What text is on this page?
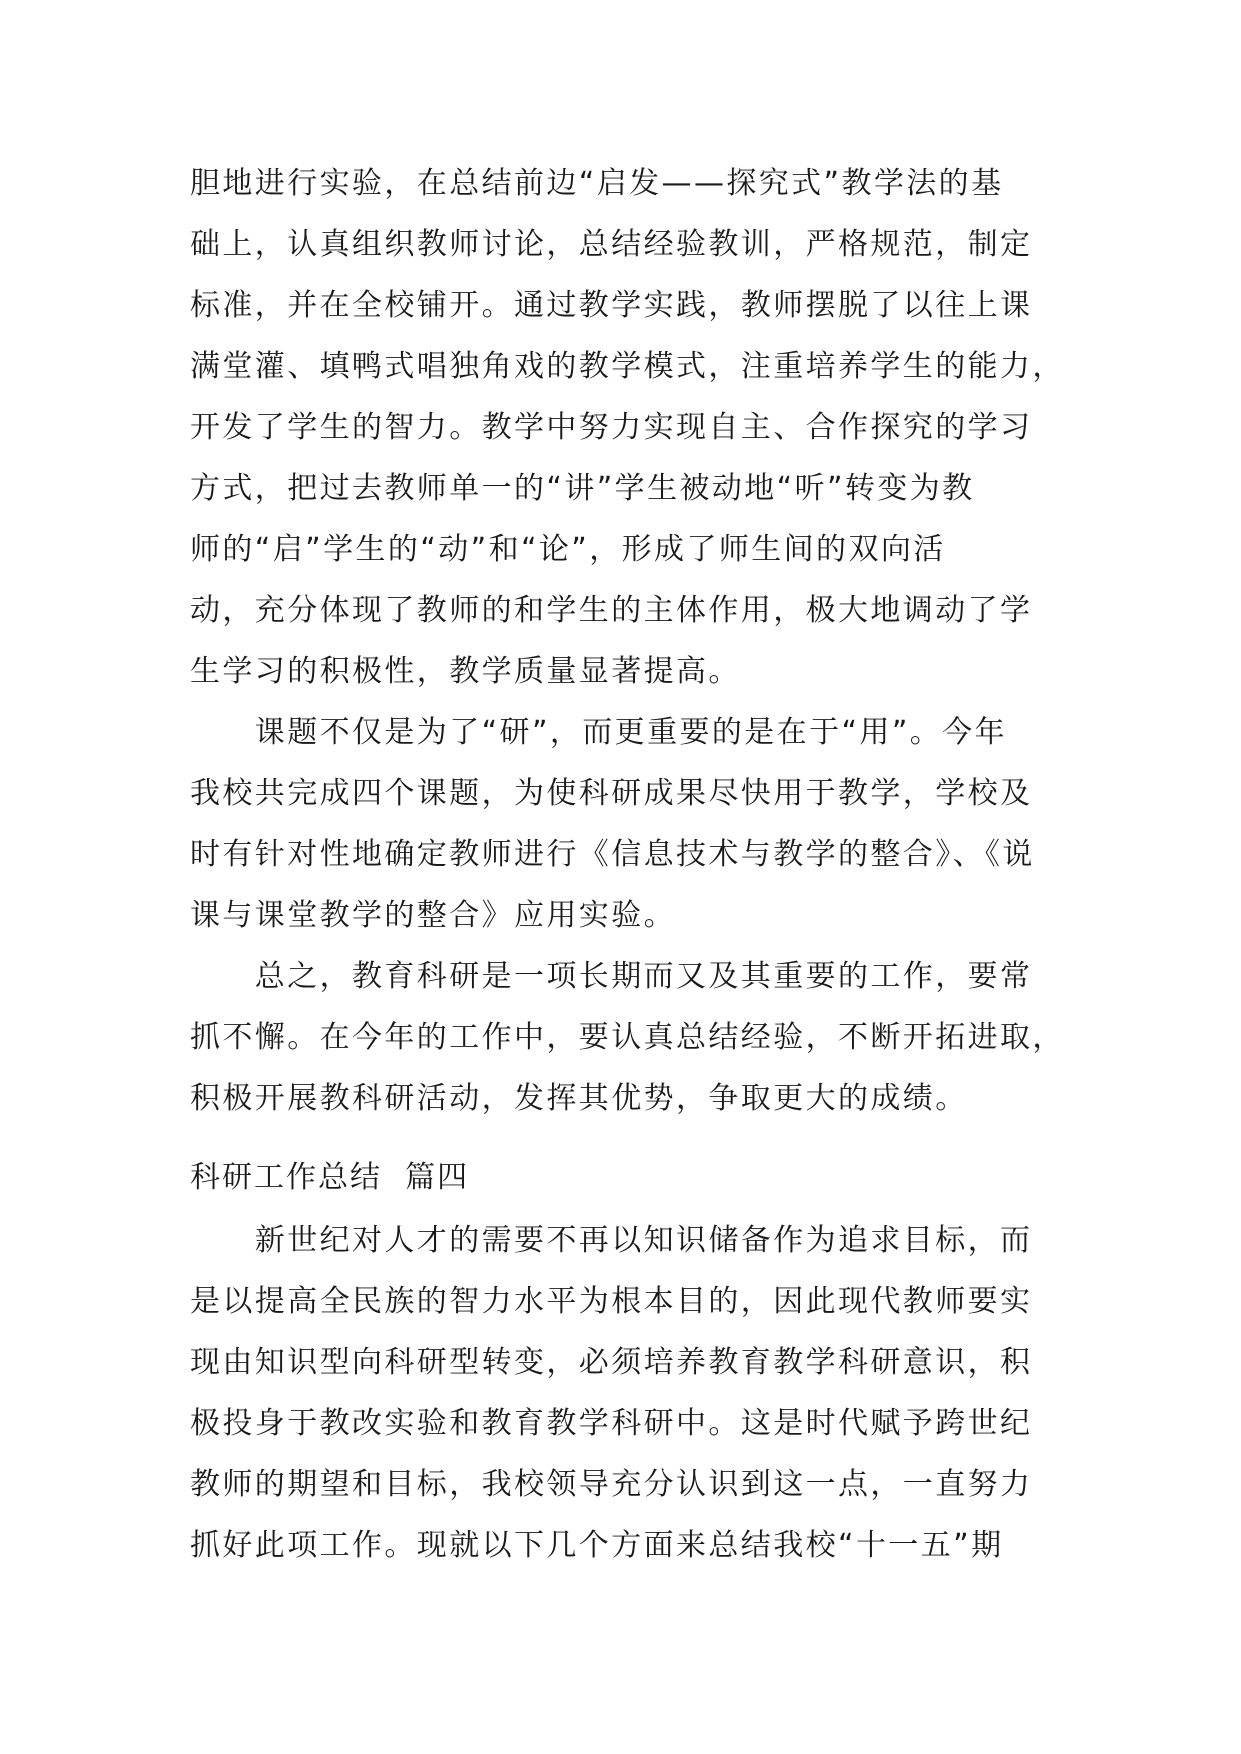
胆地进行实验，在总结前边“启发——探究式”教学法的基
础上，认真组织教师讨论，总结经验教训，严格规范，制定
标准，并在全校铺开。通过教学实践，教师摆脱了以往上课
满堂灌、填鸭式唱独角戏的教学模式，注重培养学生的能力，
开发了学生的智力。教学中努力实现自主、合作探究的学习
方式，把过去教师单一的“讲”学生被动地“听”转变为教
师的“启”学生的“动”和“论”，形成了师生间的双向活
动，充分体现了教师的和学生的主体作用，极大地调动了学
生学习的积极性，教学质量显著提高。
　　课题不仅是为了“研”，而更重要的是在于“用”。今年
我校共完成四个课题，为使科研成果尽快用于教学，学校及
时有针对性地确定教师进行《信息技术与教学的整合》、《说
课与课堂教学的整合》应用实验。
　　总之，教育科研是一项长期而又及其重要的工作，要常
抓不懈。在今年的工作中，要认真总结经验，不断开拓进取，
积极开展教科研活动，发挥其优势，争取更大的成绩。
科研工作总结  篇四
　　新世纪对人才的需要不再以知识储备作为追求目标，而
是以提高全民族的智力水平为根本目的，因此现代教师要实
现由知识型向科研型转变，必须培养教育教学科研意识，积
极投身于教改实验和教育教学科研中。这是时代赋予跨世纪
教师的期望和目标，我校领导充分认识到这一点，一直努力
抓好此项工作。现就以下几个方面来总结我校“十一五”期
